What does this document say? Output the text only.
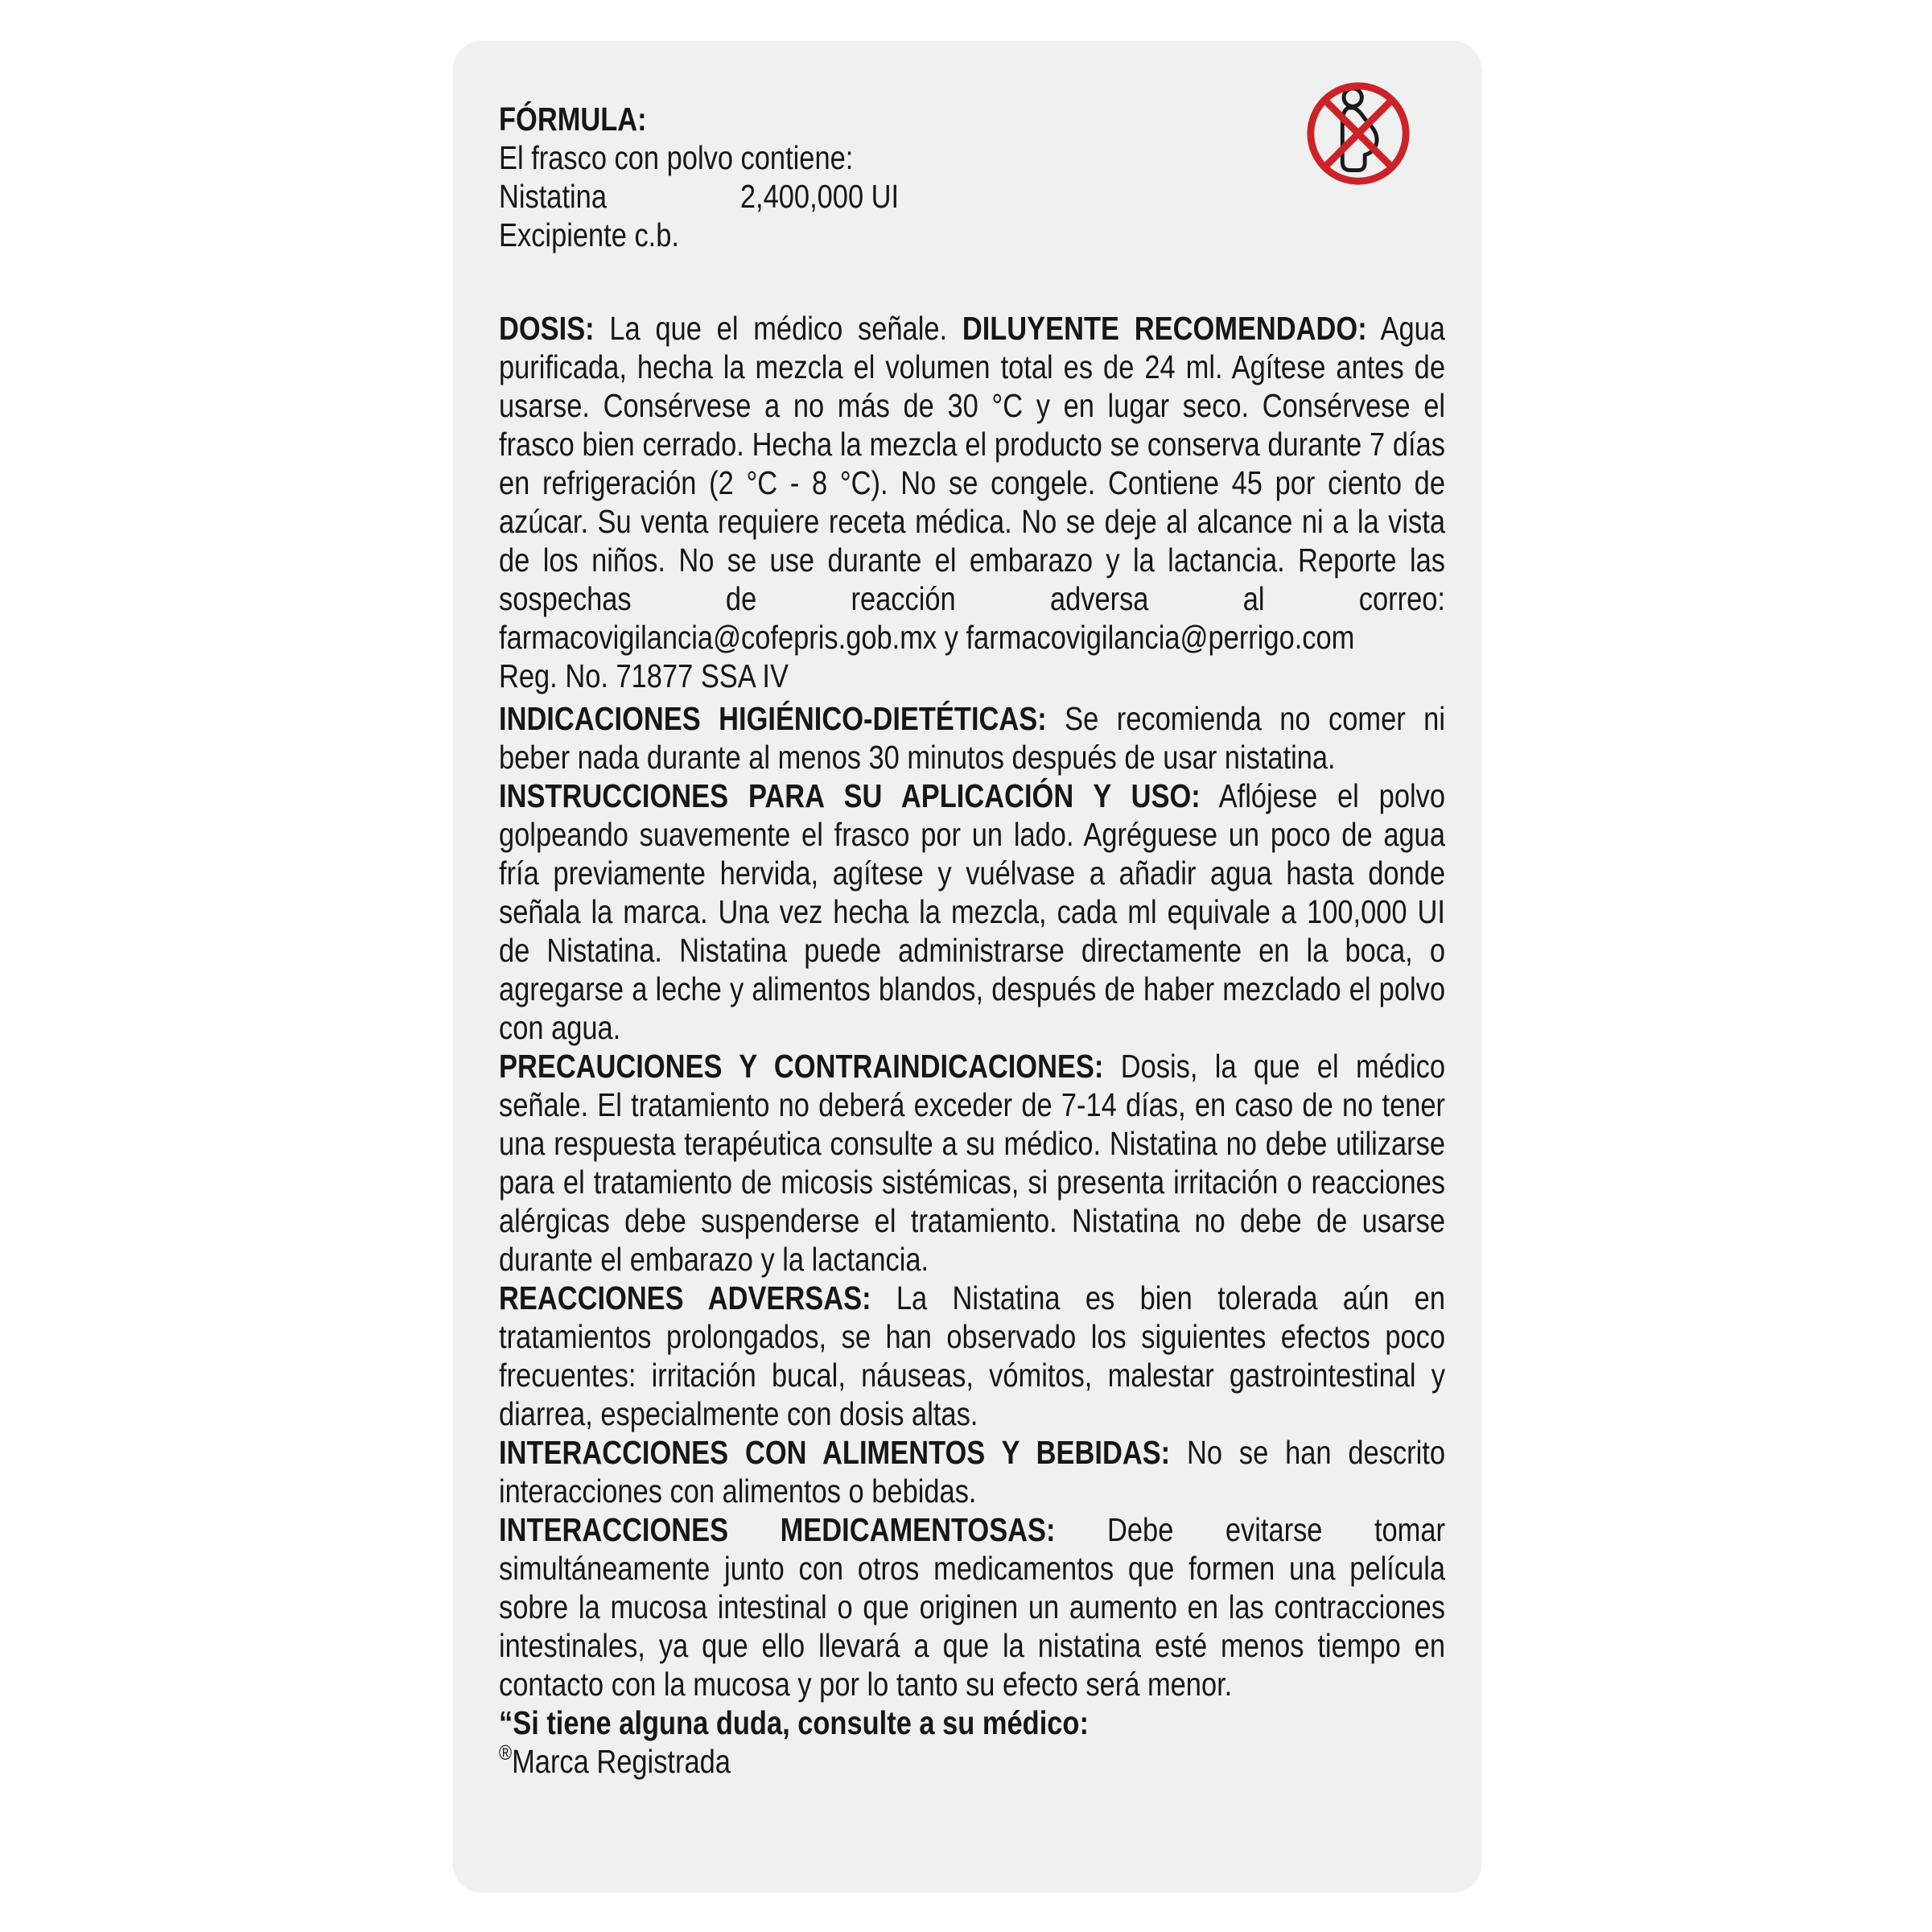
FÓRMULA:
El frasco con polvo contiene:
Nistatina	2,400,000 UI
Excipiente c.b.

DOSIS: La que el médico señale. DILUYENTE RECOMENDADO: Agua purificada, hecha la mezcla el volumen total es de 24 ml. Agítese antes de usarse. Consérvese a no más de 30 °C y en lugar seco. Consérvese el frasco bien cerrado. Hecha la mezcla el producto se conserva durante 7 días en refrigeración (2 °C - 8 °C). No se congele. Contiene 45 por ciento de azúcar. Su venta requiere receta médica. No se deje al alcance ni a la vista de los niños. No se use durante el embarazo y la lactancia. Reporte las sospechas de reacción adversa al correo: farmacovigilancia@cofepris.gob.mx y farmacovigilancia@perrigo.com
Reg. No. 71877 SSA IV

INDICACIONES HIGIÉNICO-DIETÉTICAS: Se recomienda no comer ni beber nada durante al menos 30 minutos después de usar nistatina.

INSTRUCCIONES PARA SU APLICACIÓN Y USO: Aflójese el polvo golpeando suavemente el frasco por un lado. Agréguese un poco de agua fría previamente hervida, agítese y vuélvase a añadir agua hasta donde señala la marca. Una vez hecha la mezcla, cada ml equivale a 100,000 UI de Nistatina. Nistatina puede administrarse directamente en la boca, o agregarse a leche y alimentos blandos, después de haber mezclado el polvo con agua.

PRECAUCIONES Y CONTRAINDICACIONES: Dosis, la que el médico señale. El tratamiento no deberá exceder de 7-14 días, en caso de no tener una respuesta terapéutica consulte a su médico. Nistatina no debe utilizarse para el tratamiento de micosis sistémicas, si presenta irritación o reacciones alérgicas debe suspenderse el tratamiento. Nistatina no debe de usarse durante el embarazo y la lactancia.

REACCIONES ADVERSAS: La Nistatina es bien tolerada aún en tratamientos prolongados, se han observado los siguientes efectos poco frecuentes: irritación bucal, náuseas, vómitos, malestar gastrointestinal y diarrea, especialmente con dosis altas.

INTERACCIONES CON ALIMENTOS Y BEBIDAS: No se han descrito interacciones con alimentos o bebidas.

INTERACCIONES MEDICAMENTOSAS: Debe evitarse tomar simultáneamente junto con otros medicamentos que formen una película sobre la mucosa intestinal o que originen un aumento en las contracciones intestinales, ya que ello llevará a que la nistatina esté menos tiempo en contacto con la mucosa y por lo tanto su efecto será menor.

“Si tiene alguna duda, consulte a su médico:

®Marca Registrada
